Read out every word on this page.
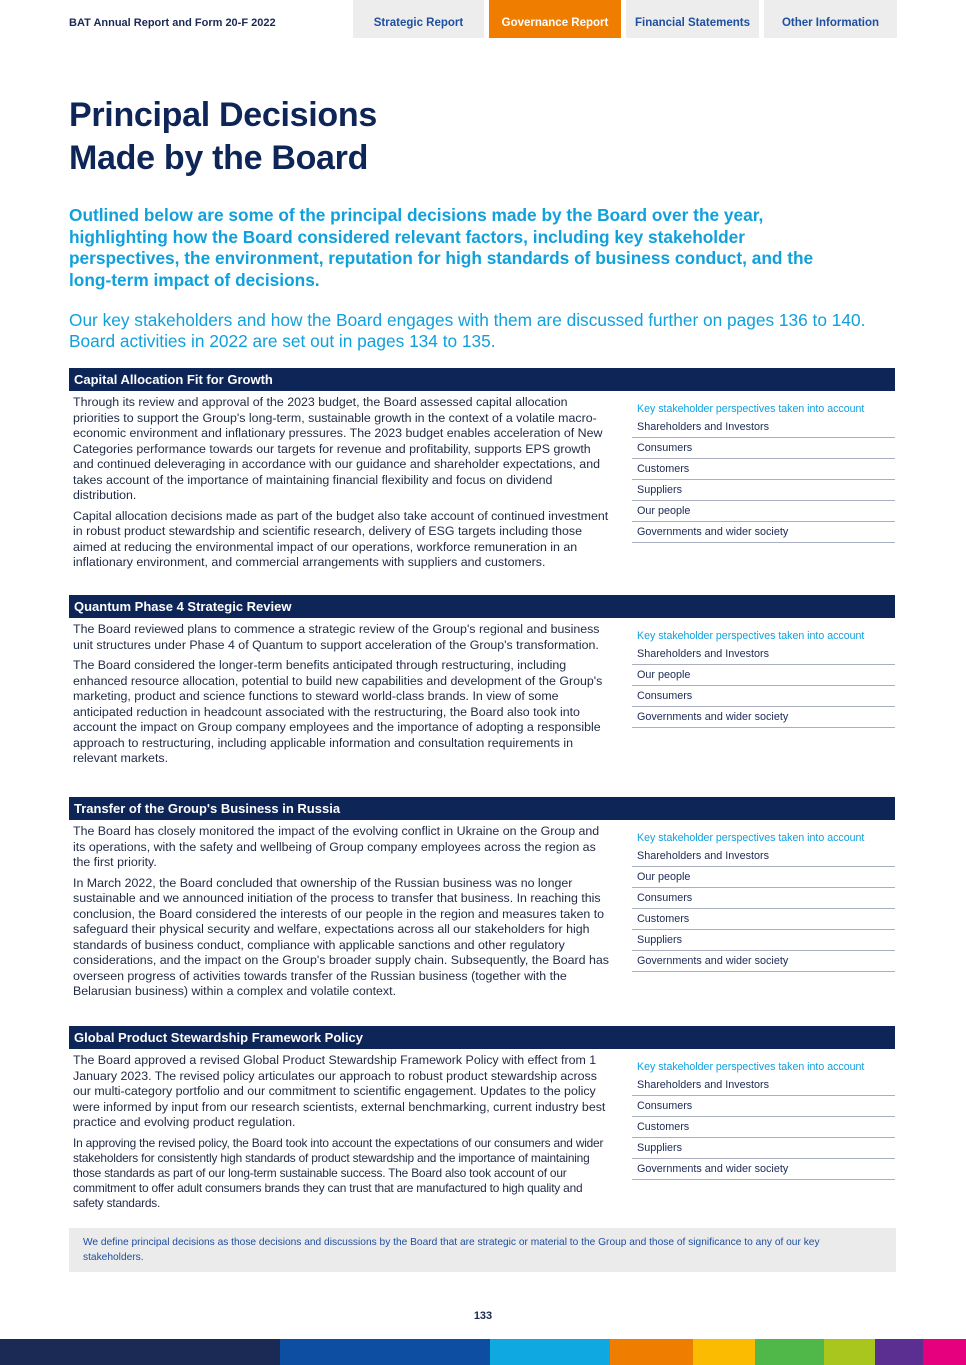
BAT Annual Report and Form 20-F 2022	Strategic Report	Governance Report	Financial Statements	Other Information
Principal Decisions
Made by the Board
Outlined below are some of the principal decisions made by the Board over the year, highlighting how the Board considered relevant factors, including key stakeholder perspectives, the environment, reputation for high standards of business conduct, and the long-term impact of decisions.
Our key stakeholders and how the Board engages with them are discussed further on pages 136 to 140. Board activities in 2022 are set out in pages 134 to 135.
Capital Allocation Fit for Growth

Through its review and approval of the 2023 budget, the Board assessed capital allocation priorities to support the Group's long-term, sustainable growth in the context of a volatile macro-economic environment and inflationary pressures. The 2023 budget enables acceleration of New Categories performance towards our targets for revenue and profitability, supports EPS growth and continued deleveraging in accordance with our guidance and shareholder expectations, and takes account of the importance of maintaining financial flexibility and focus on dividend distribution.

Capital allocation decisions made as part of the budget also take account of continued investment in robust product stewardship and scientific research, delivery of ESG targets including those aimed at reducing the environmental impact of our operations, workforce remuneration in an inflationary environment, and commercial arrangements with suppliers and customers.

Key stakeholder perspectives taken into account
Shareholders and Investors
Consumers
Customers
Suppliers
Our people
Governments and wider society
Quantum Phase 4 Strategic Review

The Board reviewed plans to commence a strategic review of the Group's regional and business unit structures under Phase 4 of Quantum to support acceleration of the Group's transformation.

The Board considered the longer-term benefits anticipated through restructuring, including enhanced resource allocation, potential to build new capabilities and development of the Group's marketing, product and science functions to steward world-class brands. In view of some anticipated reduction in headcount associated with the restructuring, the Board also took into account the impact on Group company employees and the importance of adopting a responsible approach to restructuring, including applicable information and consultation requirements in relevant markets.

Key stakeholder perspectives taken into account
Shareholders and Investors
Our people
Consumers
Governments and wider society
Transfer of the Group's Business in Russia

The Board has closely monitored the impact of the evolving conflict in Ukraine on the Group and its operations, with the safety and wellbeing of Group company employees across the region as the first priority.

In March 2022, the Board concluded that ownership of the Russian business was no longer sustainable and we announced initiation of the process to transfer that business. In reaching this conclusion, the Board considered the interests of our people in the region and measures taken to safeguard their physical security and welfare, expectations across all our stakeholders for high standards of business conduct, compliance with applicable sanctions and other regulatory considerations, and the impact on the Group's broader supply chain. Subsequently, the Board has overseen progress of activities towards transfer of the Russian business (together with the Belarusian business) within a complex and volatile context.

Key stakeholder perspectives taken into account
Shareholders and Investors
Our people
Consumers
Customers
Suppliers
Governments and wider society
Global Product Stewardship Framework Policy

The Board approved a revised Global Product Stewardship Framework Policy with effect from 1 January 2023. The revised policy articulates our approach to robust product stewardship across our multi-category portfolio and our commitment to scientific engagement. Updates to the policy were informed by input from our research scientists, external benchmarking, current industry best practice and evolving product regulation.

In approving the revised policy, the Board took into account the expectations of our consumers and wider stakeholders for consistently high standards of product stewardship and the importance of maintaining those standards as part of our long-term sustainable success. The Board also took account of our commitment to offer adult consumers brands they can trust that are manufactured to high quality and safety standards.

Key stakeholder perspectives taken into account
Shareholders and Investors
Consumers
Customers
Suppliers
Governments and wider society
We define principal decisions as those decisions and discussions by the Board that are strategic or material to the Group and those of significance to any of our key stakeholders.
133
